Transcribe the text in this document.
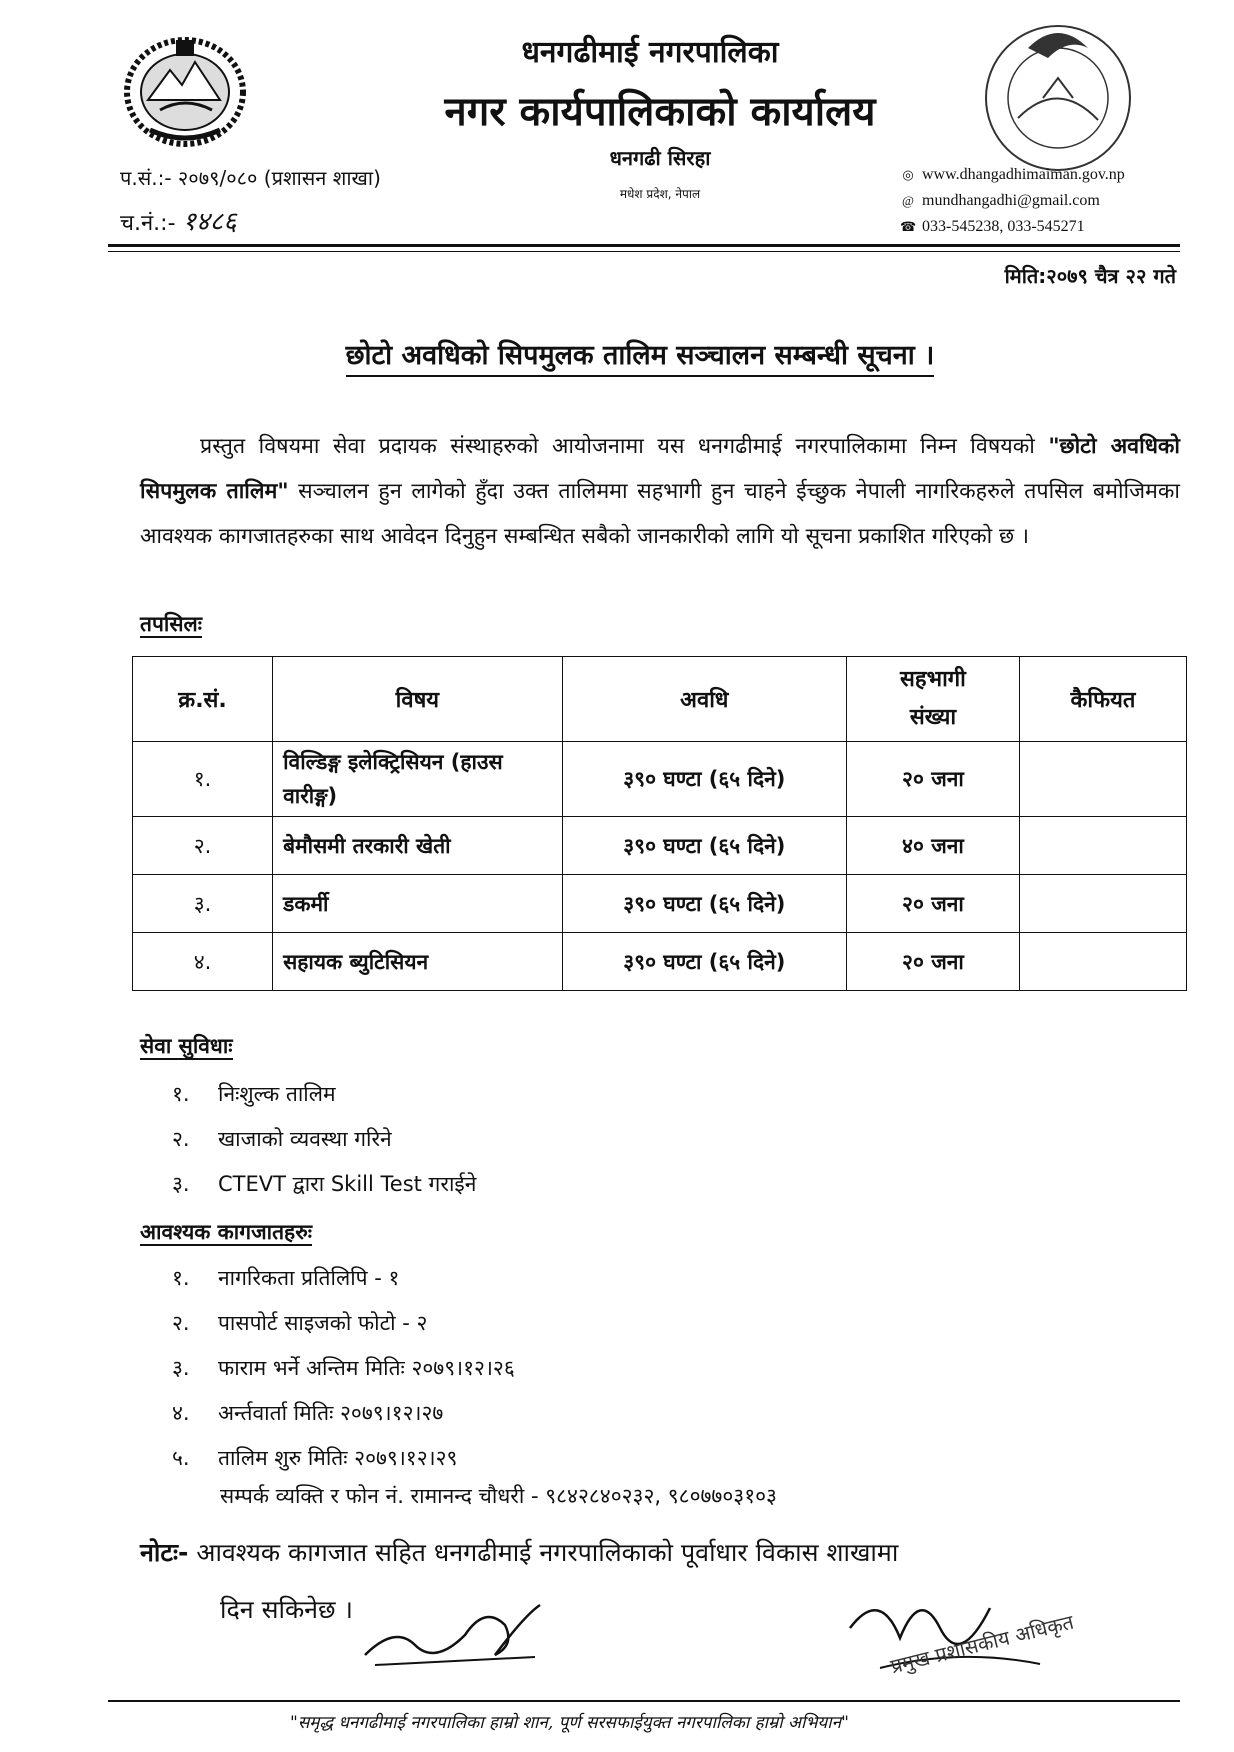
धनगढीमाई नगरपालिका
नगर कार्यपालिकाको कार्यालय
धनगढी सिरहा
मधेश प्रदेश, नेपाल
प.सं.:- २०७९/०८० (प्रशासन शाखा)
च.नं.:- १४८६
◎ www.dhangadhimaiman.gov.np
@ mundhangadhi@gmail.com
☎ 033-545238, 033-545271
मिति:२०७९ चैत्र २२ गते
छोटो अवधिको सिपमुलक तालिम सञ्चालन सम्बन्धी सूचना ।
प्रस्तुत विषयमा सेवा प्रदायक संस्थाहरुको आयोजनामा यस धनगढीमाई नगरपालिकामा निम्न विषयको "छोटो अवधिको सिपमुलक तालिम" सञ्चालन हुन लागेको हुँदा उक्त तालिममा सहभागी हुन चाहने ईच्छुक नेपाली नागरिकहरुले तपसिल बमोजिमका आवश्यक कागजातहरुका साथ आवेदन दिनुहुन सम्बन्धित सबैको जानकारीको लागि यो सूचना प्रकाशित गरिएको छ ।
तपसिलः
क्र.सं.	विषय	अवधि	सहभागी संख्या	कैफियत
१.	विल्डिङ्ग इलेक्ट्रिसियन (हाउस वारीङ्ग)	३९० घण्टा (६५ दिने)	२० जना	
२.	बेमौसमी तरकारी खेती	३९० घण्टा (६५ दिने)	४० जना	
३.	डकर्मी	३९० घण्टा (६५ दिने)	२० जना	
४.	सहायक ब्युटिसियन	३९० घण्टा (६५ दिने)	२० जना	
सेवा सुविधाः
१. निःशुल्क तालिम
२. खाजाको व्यवस्था गरिने
३. CTEVT द्वारा Skill Test गराईने
आवश्यक कागजातहरुः
१. नागरिकता प्रतिलिपि - १
२. पासपोर्ट साइजको फोटो - २
३. फाराम भर्ने अन्तिम मितिः २०७९।१२।२६
४. अर्न्तवार्ता मितिः २०७९।१२।२७
५. तालिम शुरु मितिः २०७९।१२।२९
सम्पर्क व्यक्ति र फोन नं. रामानन्द चौधरी - ९८४२८४०२३२, ९८०७७०३१०३
नोटः- आवश्यक कागजात सहित धनगढीमाई नगरपालिकाको पूर्वाधार विकास शाखामा
दिन सकिनेछ ।
प्रमुख प्रशासकीय अधिकृत
"समृद्ध धनगढीमाई नगरपालिका हाम्रो शान, पूर्ण सरसफाईयुक्त नगरपालिका हाम्रो अभियान"
